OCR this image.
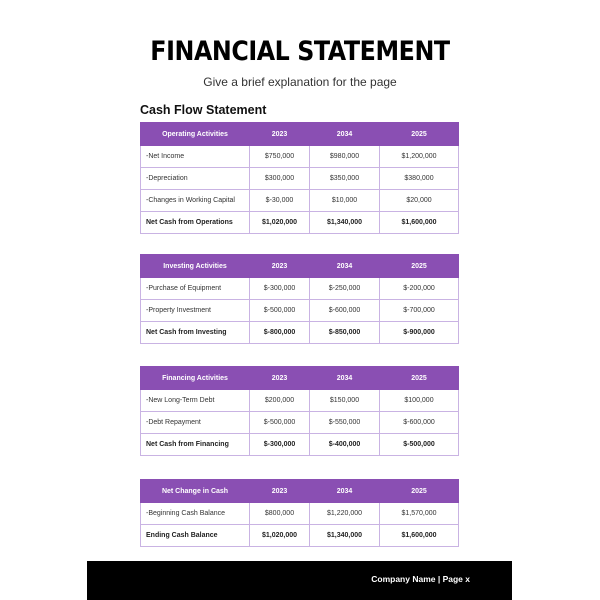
FINANCIAL STATEMENT
Give a brief explanation for the page
Cash Flow Statement
Operating Activities	2023	2034	2025
-Net Income	$750,000	$980,000	$1,200,000
-Depreciation	$300,000	$350,000	$380,000
-Changes in Working Capital	$-30,000	$10,000	$20,000
Net Cash from Operations	$1,020,000	$1,340,000	$1,600,000
Investing Activities	2023	2034	2025
-Purchase of Equipment	$-300,000	$-250,000	$-200,000
-Property Investment	$-500,000	$-600,000	$-700,000
Net Cash from Investing	$-800,000	$-850,000	$-900,000
Financing Activities	2023	2034	2025
-New Long-Term Debt	$200,000	$150,000	$100,000
-Debt Repayment	$-500,000	$-550,000	$-600,000
Net Cash from Financing	$-300,000	$-400,000	$-500,000
Net Change in Cash	2023	2034	2025
-Beginning Cash Balance	$800,000	$1,220,000	$1,570,000
Ending Cash Balance	$1,020,000	$1,340,000	$1,600,000
Company Name | Page x
